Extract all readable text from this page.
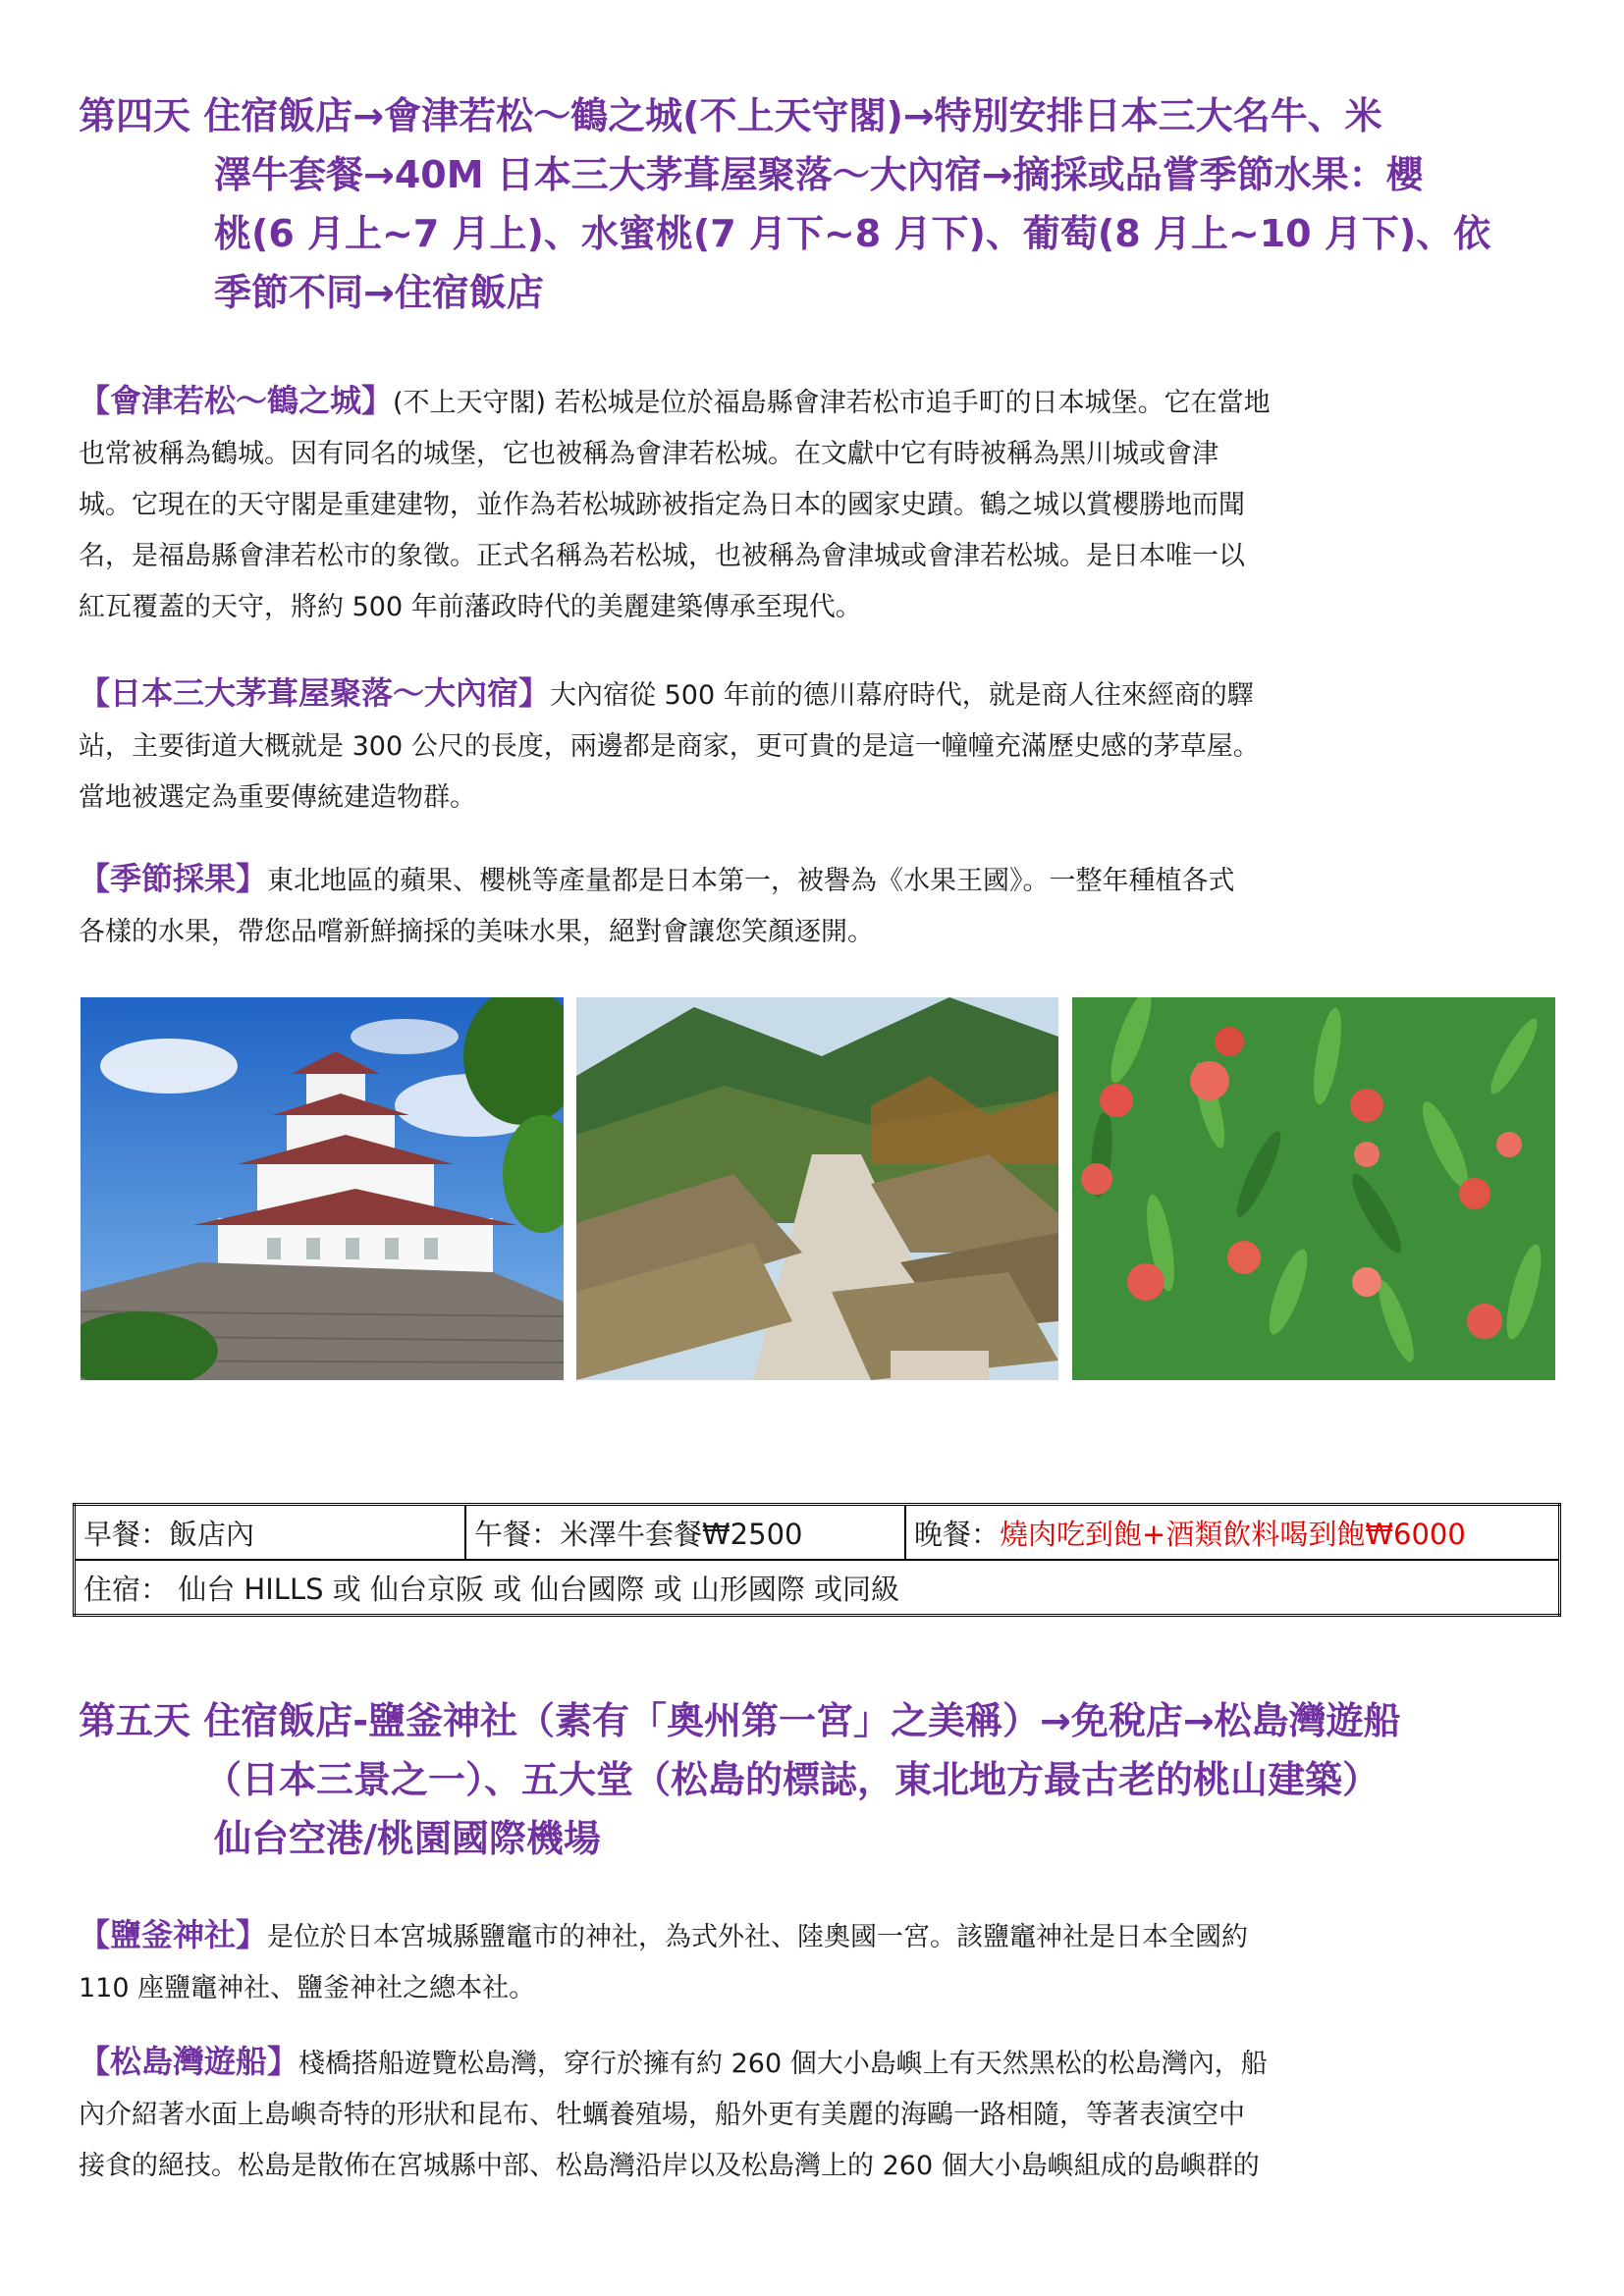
第四天 住宿飯店→會津若松～鶴之城(不上天守閣)→特別安排日本三大名牛、米
澤牛套餐→40M 日本三大茅葺屋聚落～大內宿→摘採或品嘗季節水果：櫻
桃(6 月上~7 月上)、水蜜桃(7 月下~8 月下)、葡萄(8 月上~10 月下)、依
季節不同→住宿飯店
【會津若松～鶴之城】(不上天守閣) 若松城是位於福島縣會津若松市追手町的日本城堡。它在當地
也常被稱為鶴城。因有同名的城堡，它也被稱為會津若松城。在文獻中它有時被稱為黑川城或會津
城。它現在的天守閣是重建建物，並作為若松城跡被指定為日本的國家史蹟。鶴之城以賞櫻勝地而聞
名，是福島縣會津若松市的象徵。正式名稱為若松城，也被稱為會津城或會津若松城。是日本唯一以
紅瓦覆蓋的天守，將約 500 年前藩政時代的美麗建築傳承至現代。
【日本三大茅葺屋聚落～大內宿】大內宿從 500 年前的德川幕府時代，就是商人往來經商的驛
站，主要街道大概就是 300 公尺的長度，兩邊都是商家，更可貴的是這一幢幢充滿歷史感的茅草屋。
當地被選定為重要傳統建造物群。
【季節採果】東北地區的蘋果、櫻桃等產量都是日本第一，被譽為《水果王國》。一整年種植各式
各樣的水果，帶您品嚐新鮮摘採的美味水果，絕對會讓您笑顏逐開。
早餐：飯店內	午餐：米澤牛套餐₩2500	晚餐：燒肉吃到飽+酒類飲料喝到飽₩6000
住宿： 仙台 HILLS 或 仙台京阪 或 仙台國際 或 山形國際 或同級
第五天 住宿飯店-鹽釜神社（素有「奧州第一宮」之美稱）→免稅店→松島灣遊船
（日本三景之一）、五大堂（松島的標誌，東北地方最古老的桃山建築）
仙台空港/桃園國際機場
【鹽釜神社】是位於日本宮城縣鹽竈市的神社，為式外社、陸奧國一宮。該鹽竈神社是日本全國約
110 座鹽竈神社、鹽釜神社之總本社。
【松島灣遊船】棧橋搭船遊覽松島灣，穿行於擁有約 260 個大小島嶼上有天然黑松的松島灣內，船
內介紹著水面上島嶼奇特的形狀和昆布、牡蠣養殖場，船外更有美麗的海鷗一路相隨，等著表演空中
接食的絕技。松島是散佈在宮城縣中部、松島灣沿岸以及松島灣上的 260 個大小島嶼組成的島嶼群的
